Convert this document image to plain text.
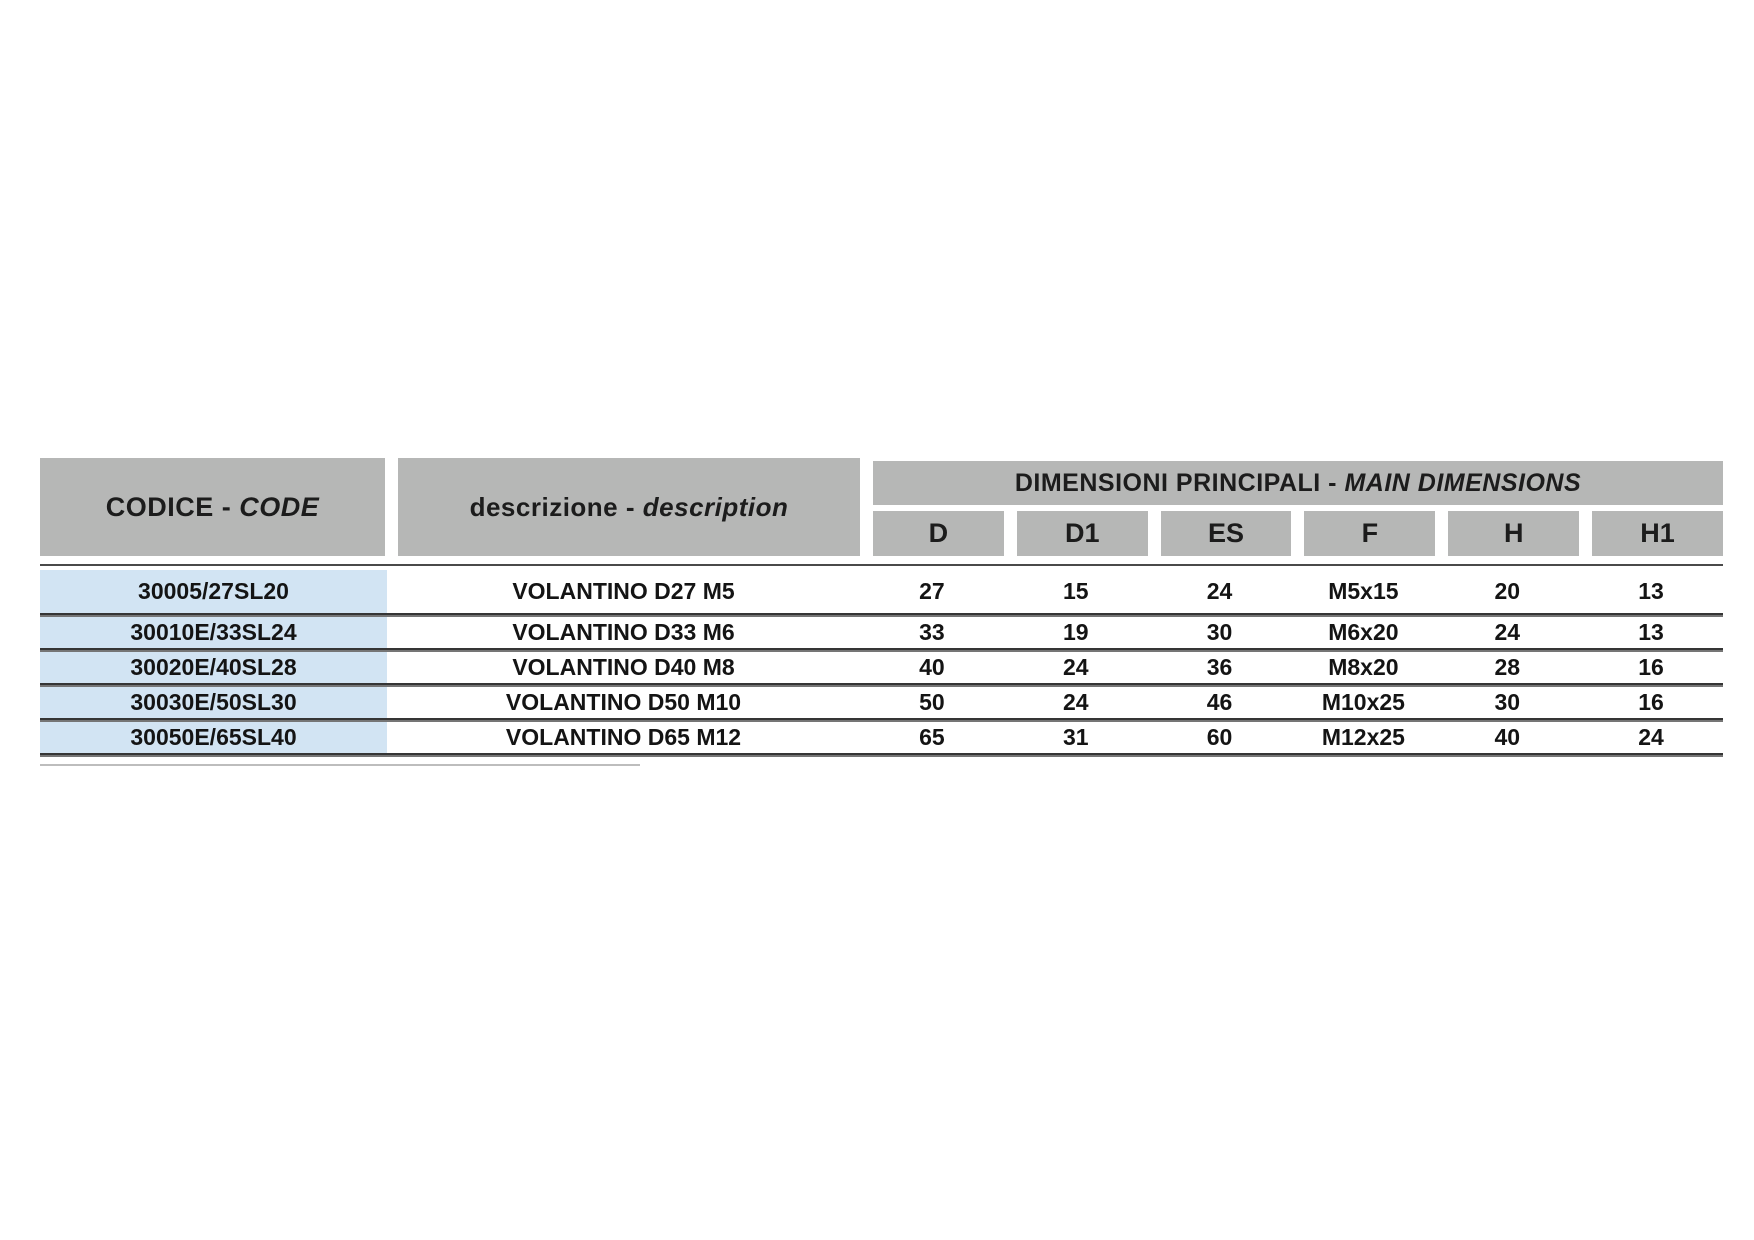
CODICE - CODE	descrizione - description
DIMENSIONI PRINCIPALI - MAIN DIMENSIONS
D	D1	ES	F	H	H1
30005/27SL20	VOLANTINO D27 M5	27	15	24	M5x15	20	13
30010E/33SL24	VOLANTINO D33 M6	33	19	30	M6x20	24	13
30020E/40SL28	VOLANTINO D40 M8	40	24	36	M8x20	28	16
30030E/50SL30	VOLANTINO D50 M10	50	24	46	M10x25	30	16
30050E/65SL40	VOLANTINO D65 M12	65	31	60	M12x25	40	24
